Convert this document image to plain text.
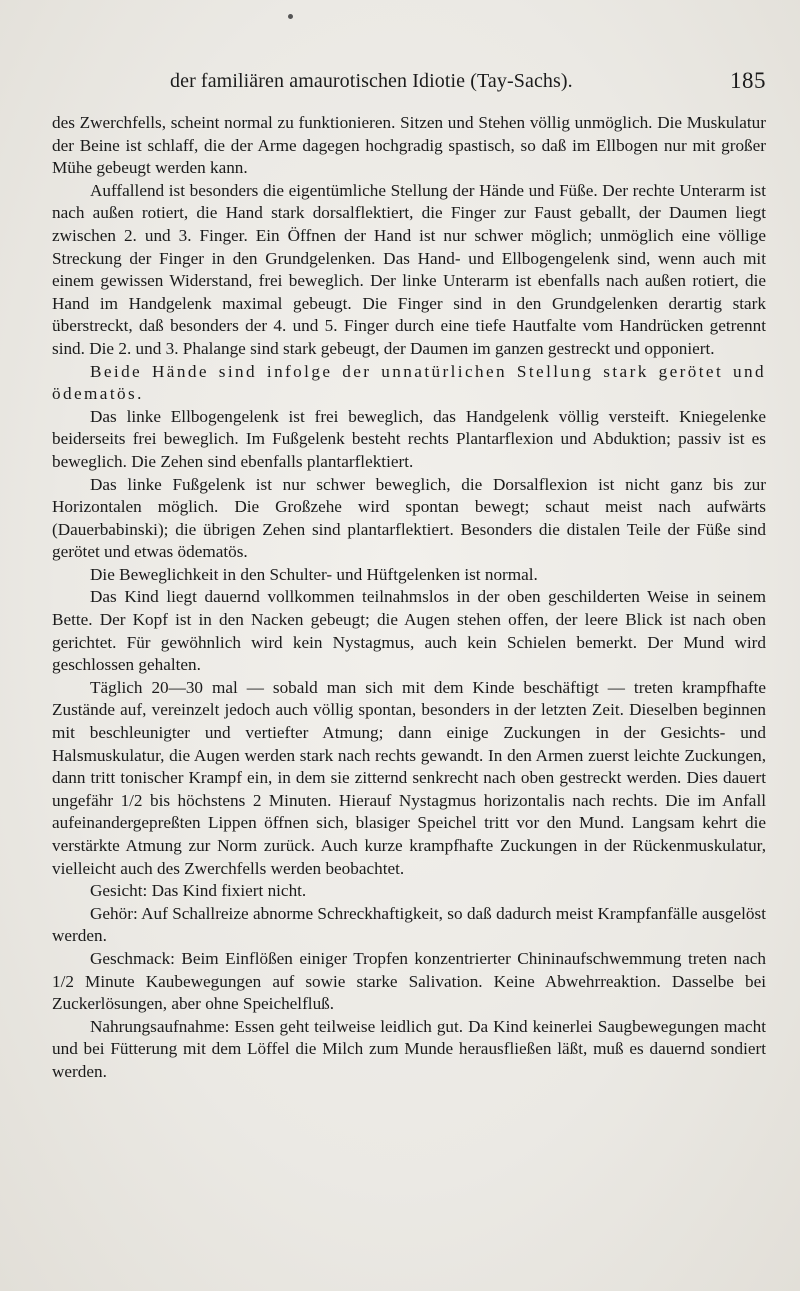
der familiären amaurotischen Idiotie (Tay-Sachs).	185

des Zwerchfells, scheint normal zu funktionieren. Sitzen und Stehen völlig unmöglich. Die Muskulatur der Beine ist schlaff, die der Arme dagegen hochgradig spastisch, so daß im Ellbogen nur mit großer Mühe gebeugt werden kann.

Auffallend ist besonders die eigentümliche Stellung der Hände und Füße. Der rechte Unterarm ist nach außen rotiert, die Hand stark dorsalflektiert, die Finger zur Faust geballt, der Daumen liegt zwischen 2. und 3. Finger. Ein Öffnen der Hand ist nur schwer möglich; unmöglich eine völlige Streckung der Finger in den Grundgelenken. Das Hand- und Ellbogengelenk sind, wenn auch mit einem gewissen Widerstand, frei beweglich. Der linke Unterarm ist ebenfalls nach außen rotiert, die Hand im Handgelenk maximal gebeugt. Die Finger sind in den Grundgelenken derartig stark überstreckt, daß besonders der 4. und 5. Finger durch eine tiefe Hautfalte vom Handrücken getrennt sind. Die 2. und 3. Phalange sind stark gebeugt, der Daumen im ganzen gestreckt und opponiert.

Beide Hände sind infolge der unnatürlichen Stellung stark gerötet und ödematös.

Das linke Ellbogengelenk ist frei beweglich, das Handgelenk völlig versteift. Kniegelenke beiderseits frei beweglich. Im Fußgelenk besteht rechts Plantarflexion und Abduktion; passiv ist es beweglich. Die Zehen sind ebenfalls plantarflektiert.

Das linke Fußgelenk ist nur schwer beweglich, die Dorsalflexion ist nicht ganz bis zur Horizontalen möglich. Die Großzehe wird spontan bewegt; schaut meist nach aufwärts (Dauerbabinski); die übrigen Zehen sind plantarflektiert. Besonders die distalen Teile der Füße sind gerötet und etwas ödematös.

Die Beweglichkeit in den Schulter- und Hüftgelenken ist normal.

Das Kind liegt dauernd vollkommen teilnahmslos in der oben geschilderten Weise in seinem Bette. Der Kopf ist in den Nacken gebeugt; die Augen stehen offen, der leere Blick ist nach oben gerichtet. Für gewöhnlich wird kein Nystagmus, auch kein Schielen bemerkt. Der Mund wird geschlossen gehalten.

Täglich 20—30 mal — sobald man sich mit dem Kinde beschäftigt — treten krampfhafte Zustände auf, vereinzelt jedoch auch völlig spontan, besonders in der letzten Zeit. Dieselben beginnen mit beschleunigter und vertiefter Atmung; dann einige Zuckungen in der Gesichts- und Halsmuskulatur, die Augen werden stark nach rechts gewandt. In den Armen zuerst leichte Zuckungen, dann tritt tonischer Krampf ein, in dem sie zitternd senkrecht nach oben gestreckt werden. Dies dauert ungefähr 1/2 bis höchstens 2 Minuten. Hierauf Nystagmus horizontalis nach rechts. Die im Anfall aufeinandergepreßten Lippen öffnen sich, blasiger Speichel tritt vor den Mund. Langsam kehrt die verstärkte Atmung zur Norm zurück. Auch kurze krampfhafte Zuckungen in der Rückenmuskulatur, vielleicht auch des Zwerchfells werden beobachtet.

Gesicht: Das Kind fixiert nicht.

Gehör: Auf Schallreize abnorme Schreckhaftigkeit, so daß dadurch meist Krampfanfälle ausgelöst werden.

Geschmack: Beim Einflößen einiger Tropfen konzentrierter Chininaufschwemmung treten nach 1/2 Minute Kaubewegungen auf sowie starke Salivation. Keine Abwehrreaktion. Dasselbe bei Zuckerlösungen, aber ohne Speichelfluß.

Nahrungsaufnahme: Essen geht teilweise leidlich gut. Da Kind keinerlei Saugbewegungen macht und bei Fütterung mit dem Löffel die Milch zum Munde herausfließen läßt, muß es dauernd sondiert werden.
